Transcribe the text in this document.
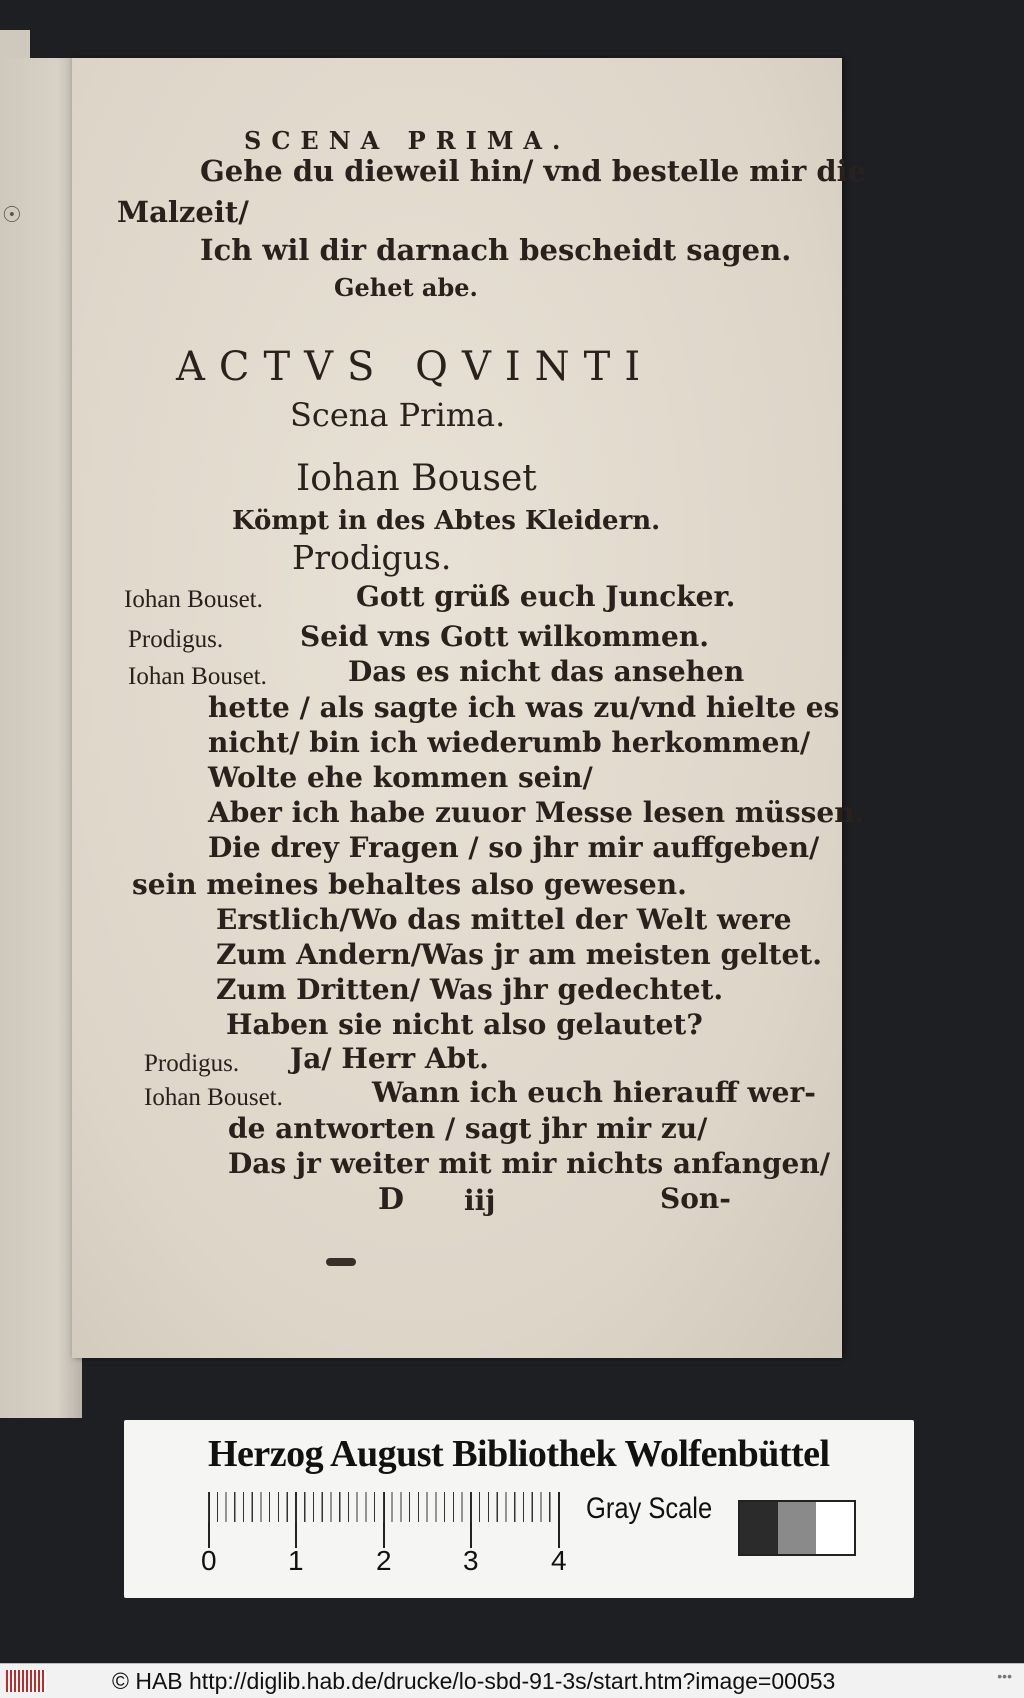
☉
SCENA PRIMA.
Gehe du dieweil hin/ vnd bestelle mir die
Malzeit/
Ich wil dir darnach bescheidt sagen.
Gehet abe.
ACTVS QVINTI
Scena Prima.
Iohan Bouset
Kömpt in des Abtes Kleidern.
Prodigus.
Iohan Bouset.	Gott grüß euch Juncker.
Prodigus.	Seid vns Gott wilkommen.
Iohan Bouset.	Das es nicht das ansehen
hette / als sagte ich was zu/vnd hielte es
nicht/ bin ich wiederumb herkommen/
Wolte ehe kommen sein/
Aber ich habe zuuor Messe lesen müssen.
Die drey Fragen / so jhr mir auffgeben/
sein meines behaltes also gewesen.
Erstlich/Wo das mittel der Welt were
Zum Andern/Was jr am meisten geltet.
Zum Dritten/ Was jhr gedechtet.
Haben sie nicht also gelautet?
Prodigus. Ja/ Herr Abt.
Iohan Bouset.	Wann ich euch hierauff wer-
de antworten / sagt jhr mir zu/
Das jr weiter mit mir nichts anfangen/
D iij	Son-
Herzog August Bibliothek Wolfenbüttel
0	1	2	3	4
Gray Scale
© HAB http://diglib.hab.de/drucke/lo-sbd-91-3s/start.htm?image=00053	•••
